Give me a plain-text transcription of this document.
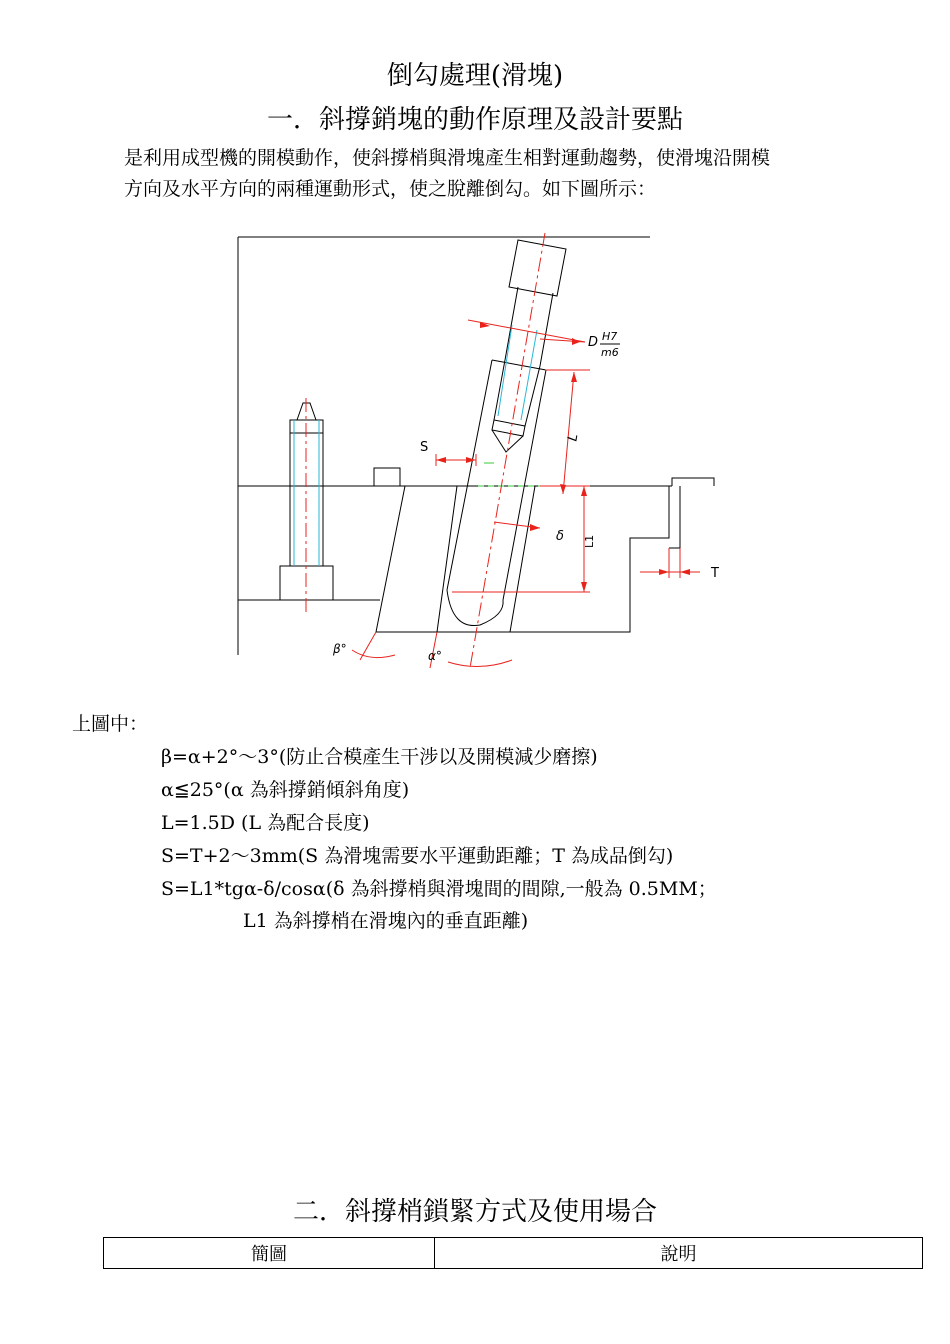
倒勾處理(滑塊)
一．斜撐銷塊的動作原理及設計要點
是利用成型機的開模動作，使斜撐梢與滑塊產生相對運動趨勢，使滑塊沿開模
方向及水平方向的兩種運動形式，使之脫離倒勾。如下圖所示：
S
D H7
m6
L
L1
δ
T
β°	α°
上圖中：
β=α+2°～3°(防止合模產生干涉以及開模減少磨擦)
α≦25°(α 為斜撐銷傾斜角度)
L=1.5D (L 為配合長度)
S=T+2～3mm(S 為滑塊需要水平運動距離；T 為成品倒勾)
S=L1*tgα-δ/cosα(δ 為斜撐梢與滑塊間的間隙,一般為 0.5MM；
L1 為斜撐梢在滑塊內的垂直距離)
二．斜撐梢鎖緊方式及使用場合
簡圖	說明
